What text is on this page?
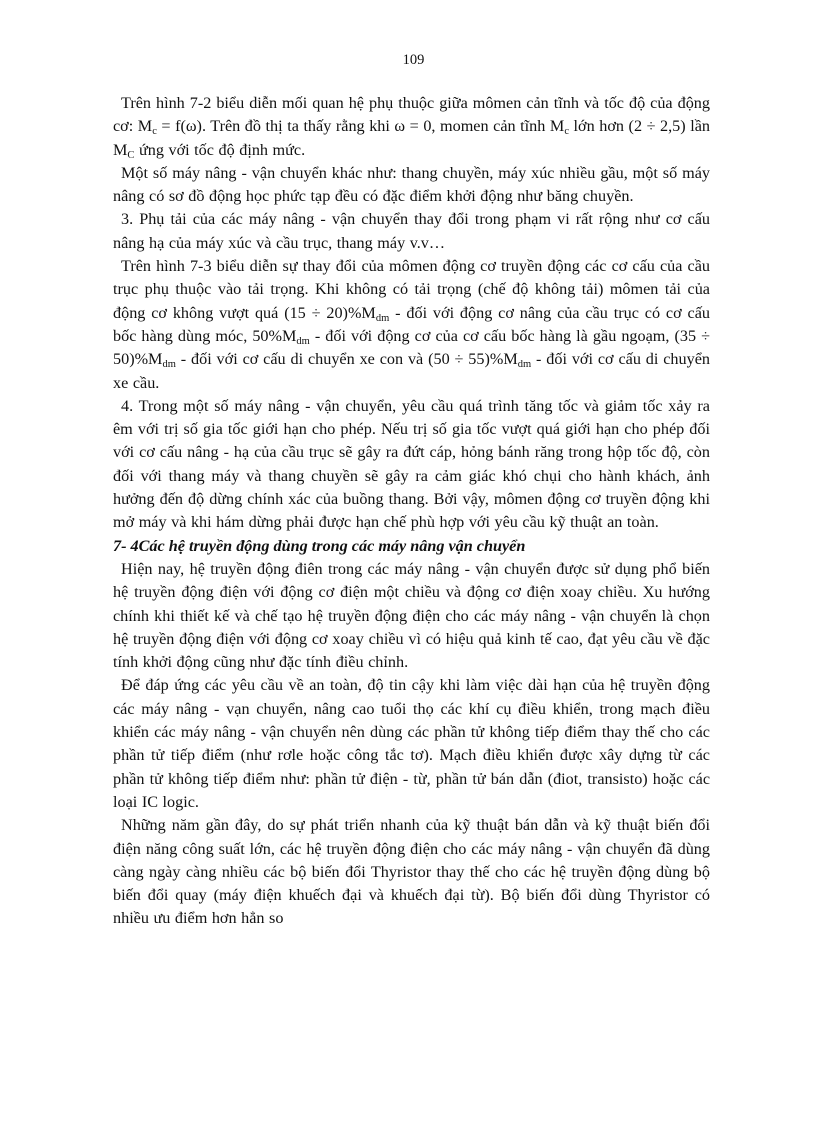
109

Trên hình 7-2 biểu diễn mối quan hệ phụ thuộc giữa mômen cản tĩnh và tốc độ của động cơ: $M_c = f(\omega)$. Trên đồ thị ta thấy rằng khi ω = 0, momen cản tĩnh $M_c$ lớn hơn (2 ÷ 2,5) lần $M_C$ ứng với tốc độ định mức.

Một số máy nâng - vận chuyển khác như: thang chuyền, máy xúc nhiều gầu, một số máy nâng có sơ đồ động học phức tạp đều có đặc điểm khởi động như băng chuyền.

3. Phụ tải của các máy nâng - vận chuyển thay đổi trong phạm vi rất rộng như cơ cấu nâng hạ của máy xúc và cầu trục, thang máy v.v…

Trên hình 7-3 biểu diễn sự thay đổi của mômen động cơ truyền động các cơ cấu của cầu trục phụ thuộc vào tải trọng. Khi không có tải trọng (chế độ không tải) mômen tải của động cơ không vượt quá $(15 \div 20)\%M_{dm}$ - đối với động cơ nâng của cầu trục có cơ cấu bốc hàng dùng móc, $50\%M_{dm}$ - đối với động cơ của cơ cấu bốc hàng là gầu ngoạm, $(35 \div 50)\%M_{dm}$ - đối với cơ cấu di chuyển xe con và $(50 \div 55)\%M_{dm}$ - đối với cơ cấu di chuyển xe cầu.

4. Trong một số máy nâng - vận chuyển, yêu cầu quá trình tăng tốc và giảm tốc xảy ra êm với trị số gia tốc giới hạn cho phép. Nếu trị số gia tốc vượt quá giới hạn cho phép đối với cơ cấu nâng - hạ của cầu trục sẽ gây ra đứt cáp, hỏng bánh răng trong hộp tốc độ, còn đối với thang máy và thang chuyền sẽ gây ra cảm giác khó chụi cho hành khách, ảnh hưởng đến độ dừng chính xác của buồng thang. Bởi vậy, mômen động cơ truyền động khi mở máy và khi hám dừng phải được hạn chế phù hợp với yêu cầu kỹ thuật an toàn.

7- 4Các hệ truyền động dùng trong các máy nâng vận chuyển

Hiện nay, hệ truyền động điên trong các máy nâng - vận chuyển được sử dụng phổ biến hệ truyền động điện với động cơ điện một chiều và động cơ điện xoay chiều. Xu hướng chính khi thiết kế và chế tạo hệ truyền động điện cho các máy nâng - vận chuyển là chọn hệ truyền động điện với động cơ xoay chiều vì có hiệu quả kinh tế cao, đạt yêu cầu về đặc tính khởi động cũng như đặc tính điều chỉnh.

Để đáp ứng các yêu cầu về an toàn, độ tin cậy khi làm việc dài hạn của hệ truyền động các máy nâng - vạn chuyển, nâng cao tuổi thọ các khí cụ điều khiển, trong mạch điều khiển các máy nâng - vận chuyển nên dùng các phần tử không tiếp điểm thay thế cho các phần tử tiếp điểm (như rơle hoặc công tắc tơ). Mạch điều khiển được xây dựng từ các phần tử không tiếp điểm như: phần tử điện - từ, phần tử bán dẫn (điot, transisto) hoặc các loại IC logic.

Những năm gần đây, do sự phát triển nhanh của kỹ thuật bán dẫn và kỹ thuật biến đổi điện năng công suất lớn, các hệ truyền động điện cho các máy nâng - vận chuyển đã dùng càng ngày càng nhiều các bộ biến đổi Thyristor thay thế cho các hệ truyền động dùng bộ biến đổi quay (máy điện khuếch đại và khuếch đại từ). Bộ biến đổi dùng Thyristor có nhiều ưu điểm hơn hẳn so
